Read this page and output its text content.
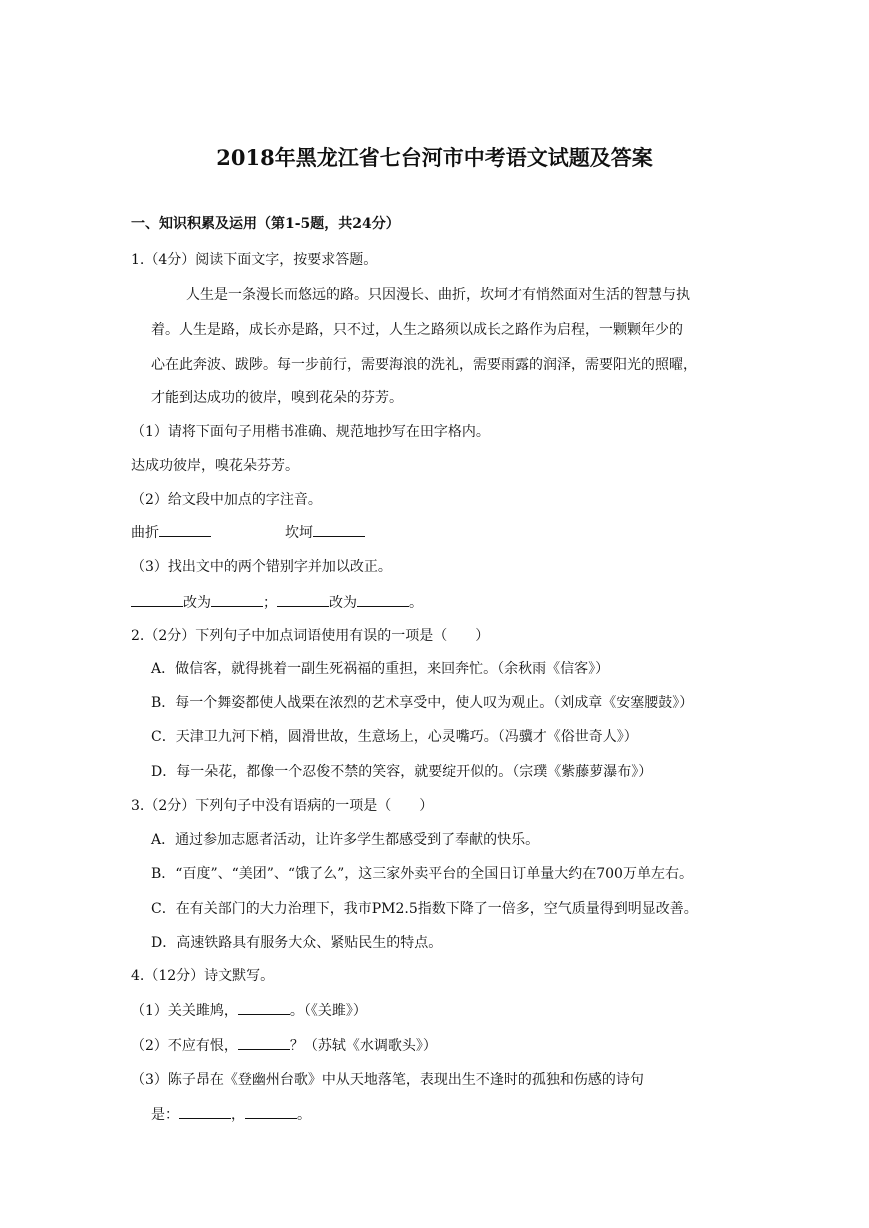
2018年黑龙江省七台河市中考语文试题及答案
一、知识积累及运用（第1-5题，共24分）
1.（4分）阅读下面文字，按要求答题。
人生是一条漫长而悠远的路。只因漫长、曲折，坎坷才有悄然面对生活的智慧与执
着。人生是路，成长亦是路，只不过，人生之路须以成长之路作为启程，一颗颗年少的
心在此奔波、跋陟。每一步前行，需要海浪的洗礼，需要雨露的润泽，需要阳光的照曜，
才能到达成功的彼岸，嗅到花朵的芬芳。
（1）请将下面句子用楷书准确、规范地抄写在田字格内。
达成功彼岸，嗅花朵芬芳。
（2）给文段中加点的字注音。
曲折	坎坷
（3）找出文中的两个错别字并加以改正。
改为	；	改为	。
2.（2分）下列句子中加点词语使用有误的一项是（　　）
A．做信客，就得挑着一副生死祸福的重担，来回奔忙。（余秋雨《信客》）
B．每一个舞姿都使人战栗在浓烈的艺术享受中，使人叹为观止。（刘成章《安塞腰鼓》）
C．天津卫九河下梢，圆滑世故，生意场上，心灵嘴巧。（冯骥才《俗世奇人》）
D．每一朵花，都像一个忍俊不禁的笑容，就要绽开似的。（宗璞《紫藤萝瀑布》）
3.（2分）下列句子中没有语病的一项是（　　）
A．通过参加志愿者活动，让许多学生都感受到了奉献的快乐。
B．“百度”、“美团”、“饿了么”，这三家外卖平台的全国日订单量大约在700万单左右。
C．在有关部门的大力治理下，我市PM2.5指数下降了一倍多，空气质量得到明显改善。
D．高速铁路具有服务大众、紧贴民生的特点。
4.（12分）诗文默写。
（1）关关雎鸠，	。（《关雎》）
（2）不应有恨，	？（苏轼《水调歌头》）
（3）陈子昂在《登幽州台歌》中从天地落笔，表现出生不逢时的孤独和伤感的诗句
是：	，	。
